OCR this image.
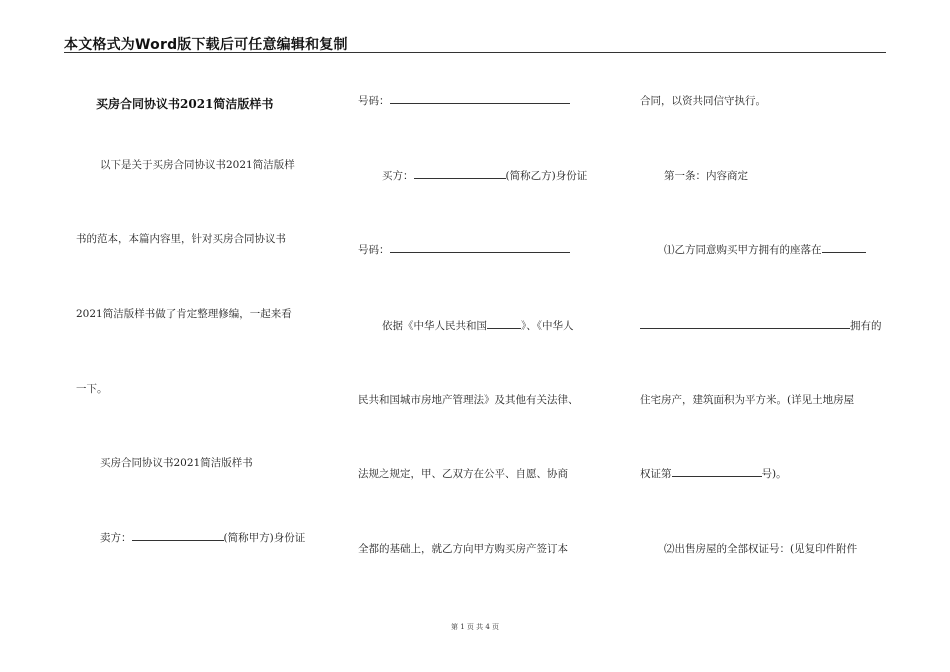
本文格式为Word版下载后可任意编辑和复制
买房合同协议书2021简洁版样书
以下是关于买房合同协议书2021简洁版样
书的范本，本篇内容里，针对买房合同协议书
2021简洁版样书做了肯定整理修编，一起来看
一下。
买房合同协议书2021简洁版样书
卖方：	(简称甲方)身份证
号码：
买方：	(简称乙方)身份证
号码：
依据《中华人民共和国	》、《中华人
民共和国城市房地产管理法》及其他有关法律、
法规之规定，甲、乙双方在公平、自愿、协商
全都的基础上，就乙方向甲方购买房产签订本
合同，以资共同信守执行。
第一条：内容商定
⑴乙方同意购买甲方拥有的座落在
拥有的
住宅房产，建筑面积为平方米。(详见土地房屋
权证第	号)。
⑵出售房屋的全部权证号：(见复印件附件
第 1 页 共 4 页
